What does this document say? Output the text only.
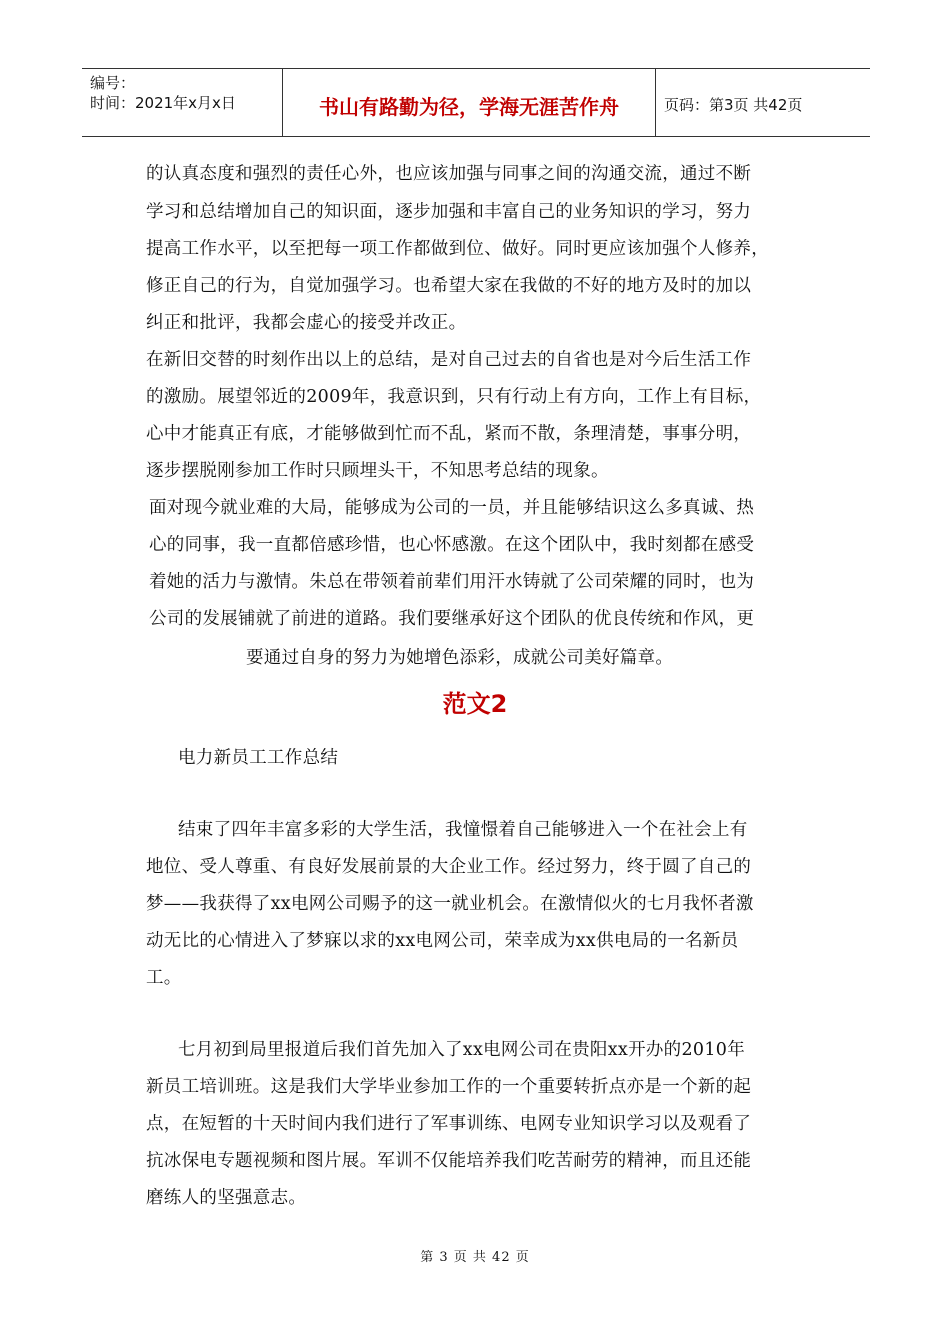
编号：
时间：2021年x月x日	书山有路勤为径，学海无涯苦作舟	页码：第3页 共42页
的认真态度和强烈的责任心外，也应该加强与同事之间的沟通交流，通过不断
学习和总结增加自己的知识面，逐步加强和丰富自己的业务知识的学习，努力
提高工作水平，以至把每一项工作都做到位、做好。同时更应该加强个人修养，
修正自己的行为，自觉加强学习。也希望大家在我做的不好的地方及时的加以
纠正和批评，我都会虚心的接受并改正。
在新旧交替的时刻作出以上的总结，是对自己过去的自省也是对今后生活工作
的激励。展望邻近的2009年，我意识到，只有行动上有方向，工作上有目标，
心中才能真正有底，才能够做到忙而不乱，紧而不散，条理清楚，事事分明，
逐步摆脱刚参加工作时只顾埋头干，不知思考总结的现象。
面对现今就业难的大局，能够成为公司的一员，并且能够结识这么多真诚、热
心的同事，我一直都倍感珍惜，也心怀感激。在这个团队中，我时刻都在感受
着她的活力与激情。朱总在带领着前辈们用汗水铸就了公司荣耀的同时，也为
公司的发展铺就了前进的道路。我们要继承好这个团队的优良传统和作风，更
要通过自身的努力为她增色添彩，成就公司美好篇章。
范文2
电力新员工工作总结
结束了四年丰富多彩的大学生活，我憧憬着自己能够进入一个在社会上有
地位、受人尊重、有良好发展前景的大企业工作。经过努力，终于圆了自己的
梦——我获得了xx电网公司赐予的这一就业机会。在激情似火的七月我怀者激
动无比的心情进入了梦寐以求的xx电网公司，荣幸成为xx供电局的一名新员
工。
七月初到局里报道后我们首先加入了xx电网公司在贵阳xx开办的2010年
新员工培训班。这是我们大学毕业参加工作的一个重要转折点亦是一个新的起
点，在短暂的十天时间内我们进行了军事训练、电网专业知识学习以及观看了
抗冰保电专题视频和图片展。军训不仅能培养我们吃苦耐劳的精神，而且还能
磨练人的坚强意志。
第 3 页 共 42 页
